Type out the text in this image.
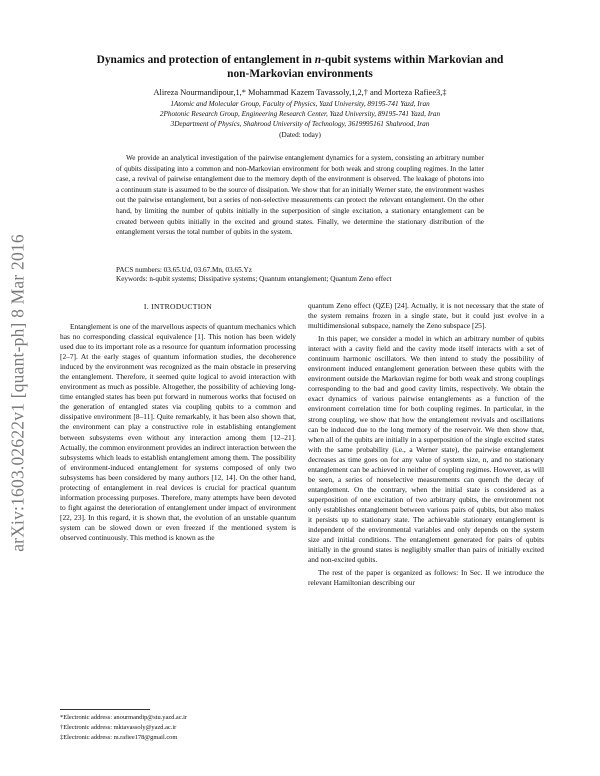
arXiv:1603.02622v1 [quant-ph] 8 Mar 2016
Dynamics and protection of entanglement in n-qubit systems within Markovian and
non-Markovian environments
Alireza Nourmandipour,1,* Mohammad Kazem Tavassoly,1,2,† and Morteza Rafiee3,‡
1Atomic and Molecular Group, Faculty of Physics, Yazd University, 89195-741 Yazd, Iran
2Photonic Research Group, Engineering Research Center, Yazd University, 89195-741 Yazd, Iran
3Department of Physics, Shahrood University of Technology, 3619995161 Shahrood, Iran
(Dated: today)
We provide an analytical investigation of the pairwise entanglement dynamics for a system, consisting an arbitrary number of qubits dissipating into a common and non-Markovian environment for both weak and strong coupling regimes. In the latter case, a revival of pairwise entanglement due to the memory depth of the environment is observed. The leakage of photons into a continuum state is assumed to be the source of dissipation. We show that for an initially Werner state, the environment washes out the pairwise entanglement, but a series of non-selective measurements can protect the relevant entanglement. On the other hand, by limiting the number of qubits initially in the superposition of single excitation, a stationary entanglement can be created between qubits initially in the excited and ground states. Finally, we determine the stationary distribution of the entanglement versus the total number of qubits in the system.
PACS numbers: 03.65.Ud, 03.67.Mn, 03.65.Yz
Keywords: n-qubit systems; Dissipative systems; Quantum entanglement; Quantum Zeno effect
I. INTRODUCTION

Entanglement is one of the marvellous aspects of quantum mechanics which has no corresponding classical equivalence [1]. This notion has been widely used due to its important role as a resource for quantum information processing [2–7]. At the early stages of quantum information studies, the decoherence induced by the environment was recognized as the main obstacle in preserving the entanglement. Therefore, it seemed quite logical to avoid interaction with environment as much as possible. Altogether, the possibility of achieving long-time entangled states has been put forward in numerous works that focused on the generation of entangled states via coupling qubits to a common and dissipative environment [8–11]. Quite remarkably, it has been also shown that, the environment can play a constructive role in establishing entanglement between subsystems even without any interaction among them [12–21]. Actually, the common environment provides an indirect interaction between the subsystems which leads to establish entanglement among them. The possibility of environment-induced entanglement for systems composed of only two subsystems has been considered by many authors [12, 14]. On the other hand, protecting of entanglement in real devices is crucial for practical quantum information processing purposes. Therefore, many attempts have been devoted to fight against the deterioration of entanglement under impact of environment [22, 23]. In this regard, it is shown that, the evolution of an unstable quantum system can be slowed down or even freezed if the mentioned system is observed continuously. This method is known as the

quantum Zeno effect (QZE) [24]. Actually, it is not necessary that the state of the system remains frozen in a single state, but it could just evolve in a multidimensional subspace, namely the Zeno subspace [25].

In this paper, we consider a model in which an arbitrary number of qubits interact with a cavity field and the cavity mode itself interacts with a set of continuum harmonic oscillators. We then intend to study the possibility of environment induced entanglement generation between these qubits with the environment outside the Markovian regime for both weak and strong couplings corresponding to the bad and good cavity limits, respectively. We obtain the exact dynamics of various pairwise entanglements as a function of the environment correlation time for both coupling regimes. In particular, in the strong coupling, we show that how the entanglement revivals and oscillations can be induced due to the long memory of the reservoir. We then show that, when all of the qubits are initially in a superposition of the single excited states with the same probability (i.e., a Werner state), the pairwise entanglement decreases as time goes on for any value of system size, n, and no stationary entanglement can be achieved in neither of coupling regimes. However, as will be seen, a series of nonselective measurements can quench the decay of entanglement. On the contrary, when the initial state is considered as a superposition of one excitation of two arbitrary qubits, the environment not only establishes entanglement between various pairs of qubits, but also makes it persists up to stationary state. The achievable stationary entanglement is independent of the environmental variables and only depends on the system size and initial conditions. The entanglement generated for pairs of qubits initially in the ground states is negligibly smaller than pairs of initially excited and non-excited qubits.

The rest of the paper is organized as follows: In Sec. II we introduce the relevant Hamiltonian describing our

*Electronic address: anourmandip@stu.yazd.ac.ir
†Electronic address: mktavassoly@yazd.ac.ir
‡Electronic address: m.rafiee178@gmail.com
